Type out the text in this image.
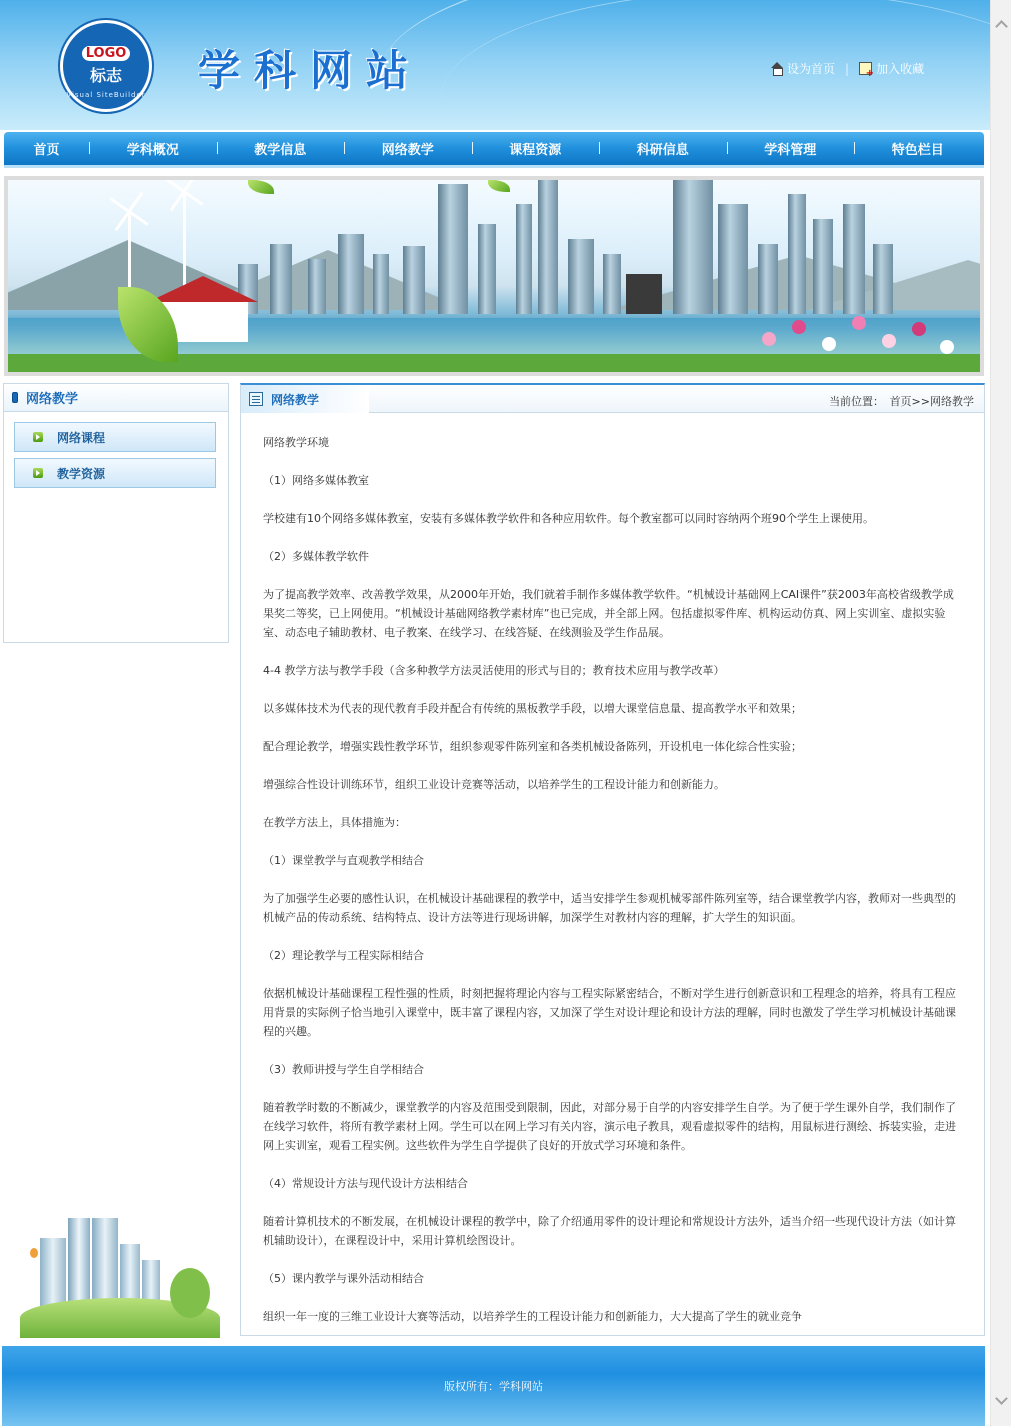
LOGO
标志
Visual SiteBuilder 学科网站	设为首页 |
+ 加入收藏
首页	学科概况	教学信息	网络教学	课程资源	科研信息	学科管理	特色栏目
网络教学
网络课程
教学资源
网络教学	当前位置： 首页>>网络教学

网络教学环境

（1）网络多媒体教室

学校建有10个网络多媒体教室，安装有多媒体教学软件和各种应用软件。每个教室都可以同时容纳两个班90个学生上课使用。

（2）多媒体教学软件

为了提高教学效率、改善教学效果，从2000年开始，我们就着手制作多媒体教学软件。“机械设计基础网上CAI课件”获2003年高校省级教学成果奖二等奖，已上网使用。“机械设计基础网络教学素材库”也已完成，并全部上网。包括虚拟零件库、机构运动仿真、网上实训室、虚拟实验室、动态电子辅助教材、电子教案、在线学习、在线答疑、在线测验及学生作品展。

4-4 教学方法与教学手段（含多种教学方法灵活使用的形式与目的；教育技术应用与教学改革）

以多媒体技术为代表的现代教育手段并配合有传统的黑板教学手段，以增大课堂信息量、提高教学水平和效果；

配合理论教学，增强实践性教学环节，组织参观零件陈列室和各类机械设备陈列，开设机电一体化综合性实验；

增强综合性设计训练环节，组织工业设计竞赛等活动，以培养学生的工程设计能力和创新能力。

在教学方法上，具体措施为：

（1）课堂教学与直观教学相结合

为了加强学生必要的感性认识，在机械设计基础课程的教学中，适当安排学生参观机械零部件陈列室等，结合课堂教学内容，教师对一些典型的机械产品的传动系统、结构特点、设计方法等进行现场讲解，加深学生对教材内容的理解，扩大学生的知识面。

（2）理论教学与工程实际相结合

依据机械设计基础课程工程性强的性质，时刻把握将理论内容与工程实际紧密结合，不断对学生进行创新意识和工程理念的培养，将具有工程应用背景的实际例子恰当地引入课堂中，既丰富了课程内容，又加深了学生对设计理论和设计方法的理解，同时也激发了学生学习机械设计基础课程的兴趣。

（3）教师讲授与学生自学相结合

随着教学时数的不断减少，课堂教学的内容及范围受到限制，因此，对部分易于自学的内容安排学生自学。为了便于学生课外自学，我们制作了在线学习软件，将所有教学素材上网。学生可以在网上学习有关内容，演示电子教具，观看虚拟零件的结构，用鼠标进行测绘、拆装实验，走进网上实训室，观看工程实例。这些软件为学生自学提供了良好的开放式学习环境和条件。

（4）常规设计方法与现代设计方法相结合

随着计算机技术的不断发展，在机械设计课程的教学中，除了介绍通用零件的设计理论和常规设计方法外，适当介绍一些现代设计方法（如计算机辅助设计），在课程设计中，采用计算机绘图设计。

（5）课内教学与课外活动相结合

组织一年一度的三维工业设计大赛等活动，以培养学生的工程设计能力和创新能力，大大提高了学生的就业竞争

版权所有：学科网站
